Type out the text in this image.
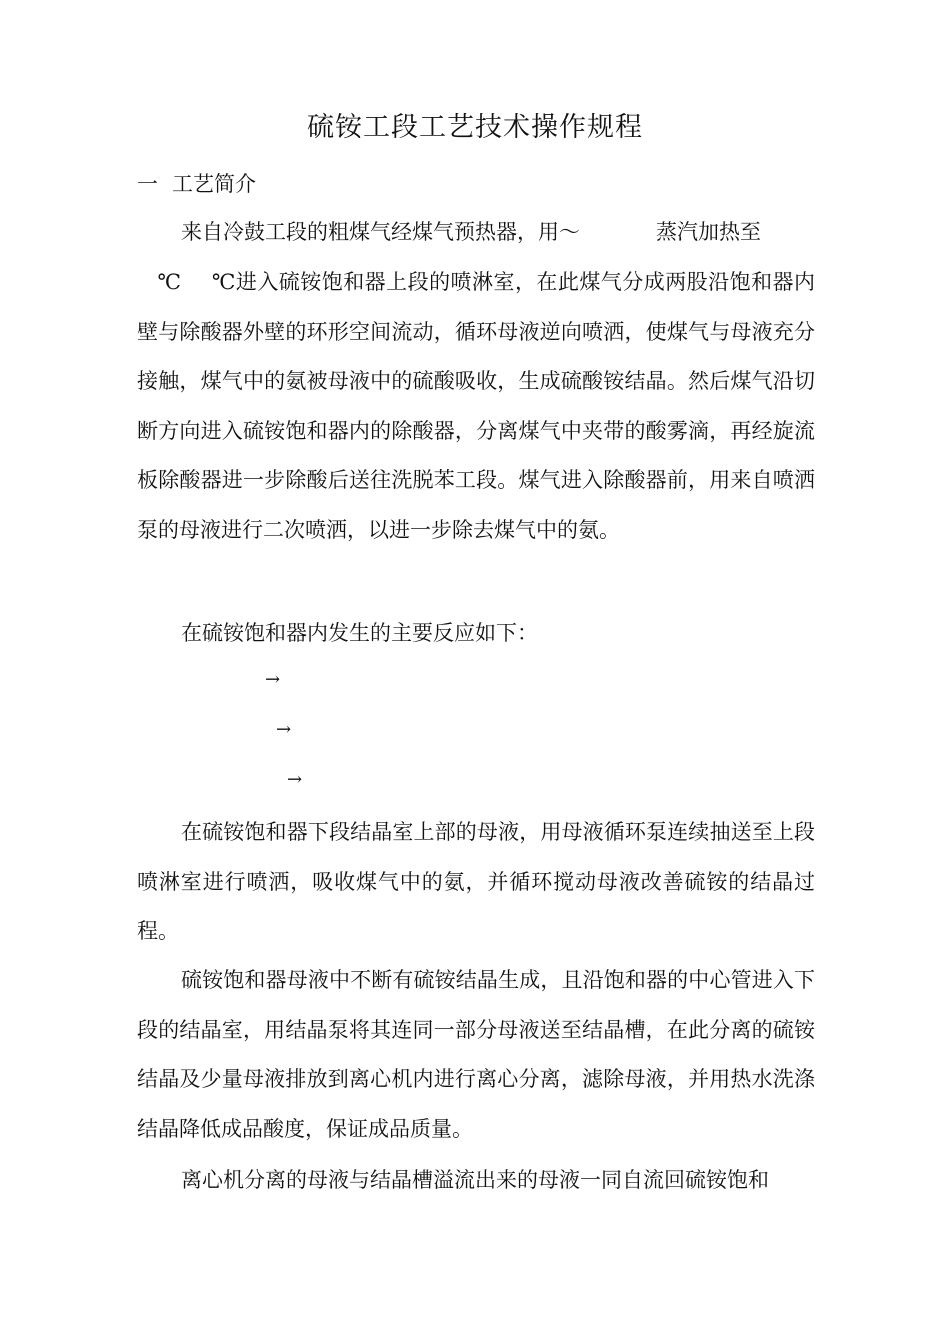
硫铵工段工艺技术操作规程
一 工艺简介
来自冷鼓工段的粗煤气经煤气预热器，用～	蒸汽加热至

℃ ℃进入硫铵饱和器上段的喷淋室，在此煤气分成两股沿饱和器内壁与除酸器外壁的环形空间流动，循环母液逆向喷洒，使煤气与母液充分接触，煤气中的氨被母液中的硫酸吸收，生成硫酸铵结晶。然后煤气沿切断方向进入硫铵饱和器内的除酸器，分离煤气中夹带的酸雾滴，再经旋流板除酸器进一步除酸后送往洗脱苯工段。煤气进入除酸器前，用来自喷洒泵的母液进行二次喷洒，以进一步除去煤气中的氨。

在硫铵饱和器内发生的主要反应如下：

→
→
→

在硫铵饱和器下段结晶室上部的母液，用母液循环泵连续抽送至上段喷淋室进行喷洒，吸收煤气中的氨，并循环搅动母液改善硫铵的结晶过程。

硫铵饱和器母液中不断有硫铵结晶生成，且沿饱和器的中心管进入下段的结晶室，用结晶泵将其连同一部分母液送至结晶槽，在此分离的硫铵结晶及少量母液排放到离心机内进行离心分离，滤除母液，并用热水洗涤结晶降低成品酸度，保证成品质量。

离心机分离的母液与结晶槽溢流出来的母液一同自流回硫铵饱和
